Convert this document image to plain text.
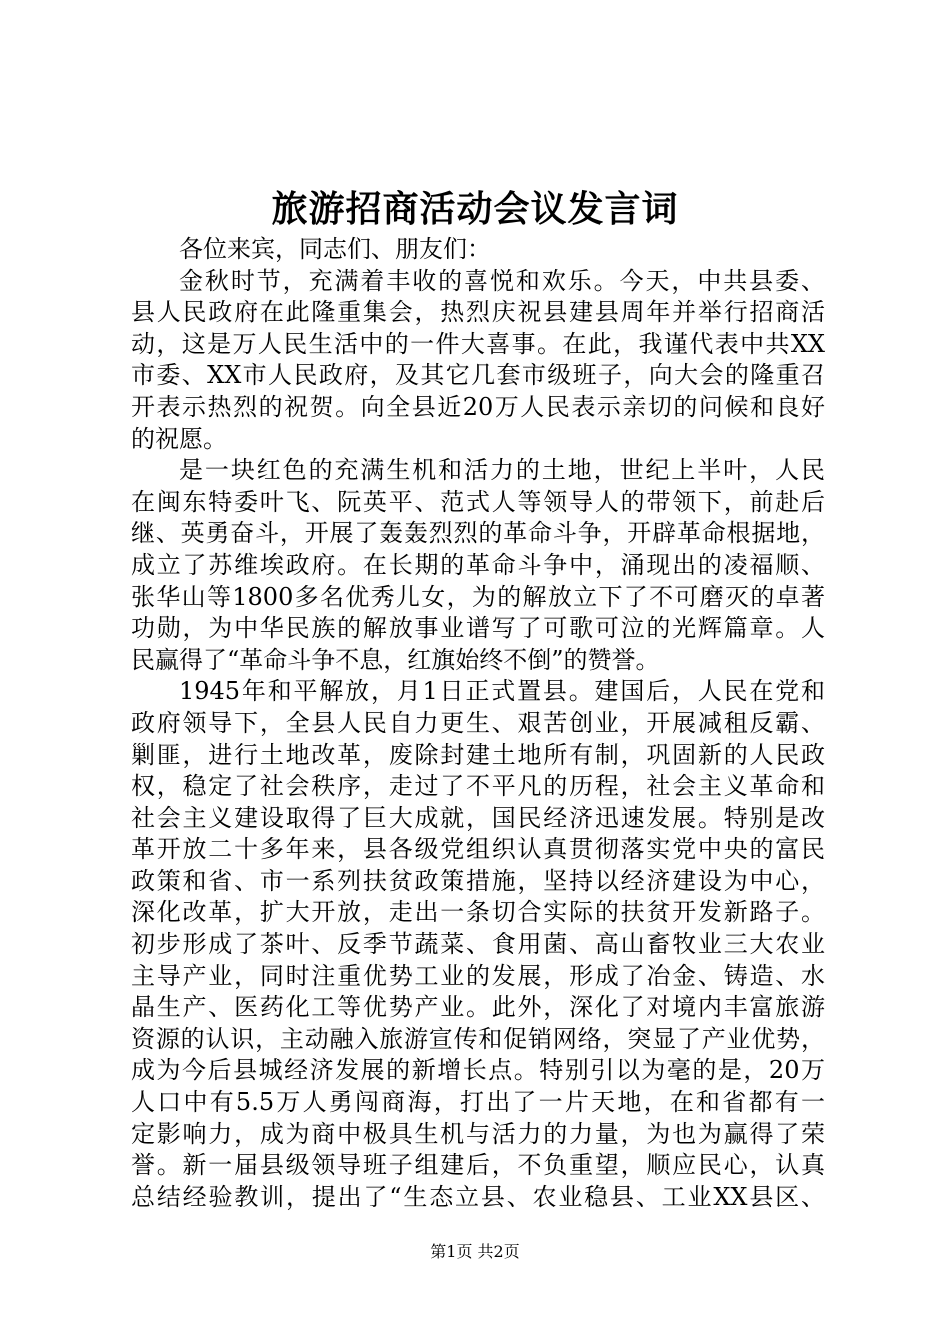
旅游招商活动会议发言词
各位来宾，同志们、朋友们：
金秋时节，充满着丰收的喜悦和欢乐。今天，中共县委、
县人民政府在此隆重集会，热烈庆祝县建县周年并举行招商活
动，这是万人民生活中的一件大喜事。在此，我谨代表中共XX
市委、XX市人民政府，及其它几套市级班子，向大会的隆重召
开表示热烈的祝贺。向全县近20万人民表示亲切的问候和良好
的祝愿。
是一块红色的充满生机和活力的土地，世纪上半叶，人民
在闽东特委叶飞、阮英平、范式人等领导人的带领下，前赴后
继、英勇奋斗，开展了轰轰烈烈的革命斗争，开辟革命根据地，
成立了苏维埃政府。在长期的革命斗争中，涌现出的凌福顺、
张华山等1800多名优秀儿女，为的解放立下了不可磨灭的卓著
功勋，为中华民族的解放事业谱写了可歌可泣的光辉篇章。人
民赢得了“革命斗争不息，红旗始终不倒”的赞誉。
1945年和平解放，月1日正式置县。建国后，人民在党和
政府领导下，全县人民自力更生、艰苦创业，开展减租反霸、
剿匪，进行土地改革，废除封建土地所有制，巩固新的人民政
权，稳定了社会秩序，走过了不平凡的历程，社会主义革命和
社会主义建设取得了巨大成就，国民经济迅速发展。特别是改
革开放二十多年来，县各级党组织认真贯彻落实党中央的富民
政策和省、市一系列扶贫政策措施，坚持以经济建设为中心，
深化改革，扩大开放，走出一条切合实际的扶贫开发新路子。
初步形成了茶叶、反季节蔬菜、食用菌、高山畜牧业三大农业
主导产业，同时注重优势工业的发展，形成了冶金、铸造、水
晶生产、医药化工等优势产业。此外，深化了对境内丰富旅游
资源的认识，主动融入旅游宣传和促销网络，突显了产业优势，
成为今后县城经济发展的新增长点。特别引以为毫的是，20万
人口中有5.5万人勇闯商海，打出了一片天地，在和省都有一
定影响力，成为商中极具生机与活力的力量，为也为赢得了荣
誉。新一届县级领导班子组建后，不负重望，顺应民心，认真
总结经验教训，提出了“生态立县、农业稳县、工业XX县区、
第1页 共2页
